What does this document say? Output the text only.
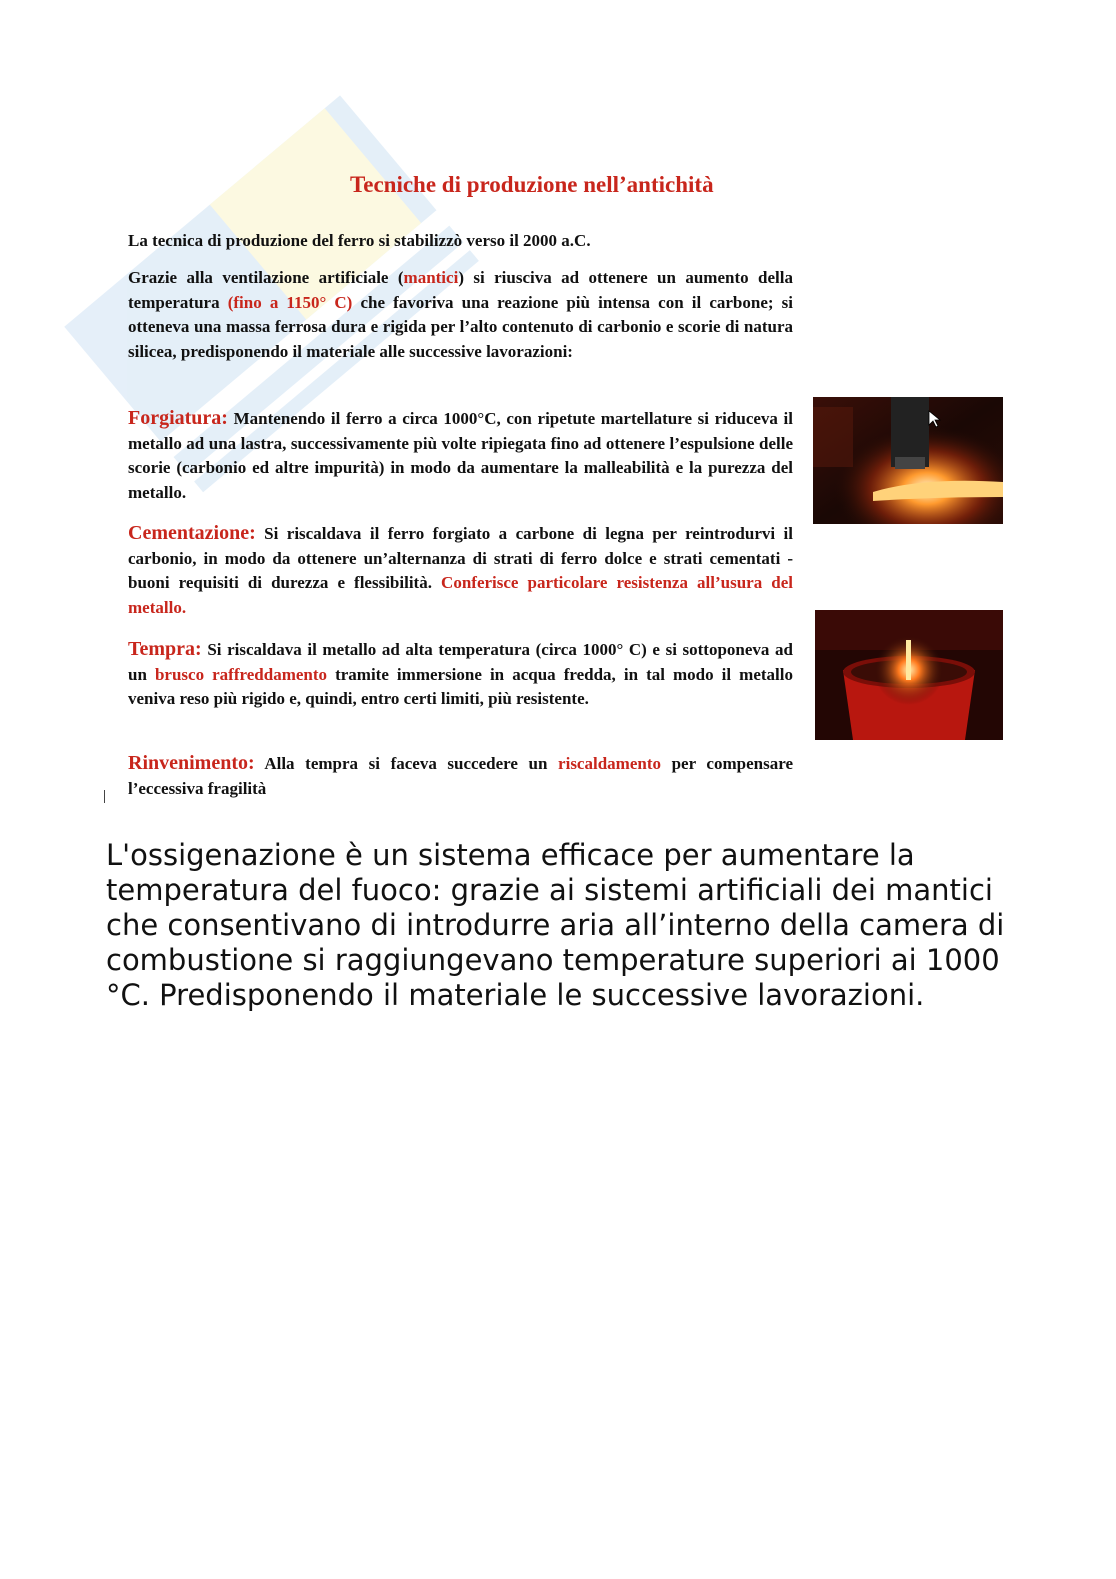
Tecniche di produzione nell’antichità

La tecnica di produzione del ferro si stabilizzò verso il 2000 a.C.

Grazie alla ventilazione artificiale (mantici) si riusciva ad ottenere un aumento della temperatura (fino a 1150° C) che favoriva una reazione più intensa con il carbone; si otteneva una massa ferrosa dura e rigida per l’alto contenuto di carbonio e scorie di natura silicea, predisponendo il materiale alle successive lavorazioni:

Forgiatura: Mantenendo il ferro a circa 1000°C, con ripetute martellature si riduceva il metallo ad una lastra, successivamente più volte ripiegata fino ad ottenere l’espulsione delle scorie (carbonio ed altre impurità) in modo da aumentare la malleabilità e la purezza del metallo.

Cementazione: Si riscaldava il ferro forgiato a carbone di legna per reintrodurvi il carbonio, in modo da ottenere un’alternanza di strati di ferro dolce e strati cementati - buoni requisiti di durezza e flessibilità. Conferisce particolare resistenza all’usura del metallo.

Tempra: Si riscaldava il metallo ad alta temperatura (circa 1000° C) e si sottoponeva ad un brusco raffreddamento tramite immersione in acqua fredda, in tal modo il metallo veniva reso più rigido e, quindi, entro certi limiti, più resistente.

Rinvenimento: Alla tempra si faceva succedere un riscaldamento per compensare l’eccessiva fragilità

L'ossigenazione è un sistema efficace per aumentare la temperatura del fuoco: grazie ai sistemi artificiali dei mantici che consentivano di introdurre aria all’interno della camera di combustione si raggiungevano temperature superiori ai 1000 °C. Predisponendo il materiale le successive lavorazioni.
